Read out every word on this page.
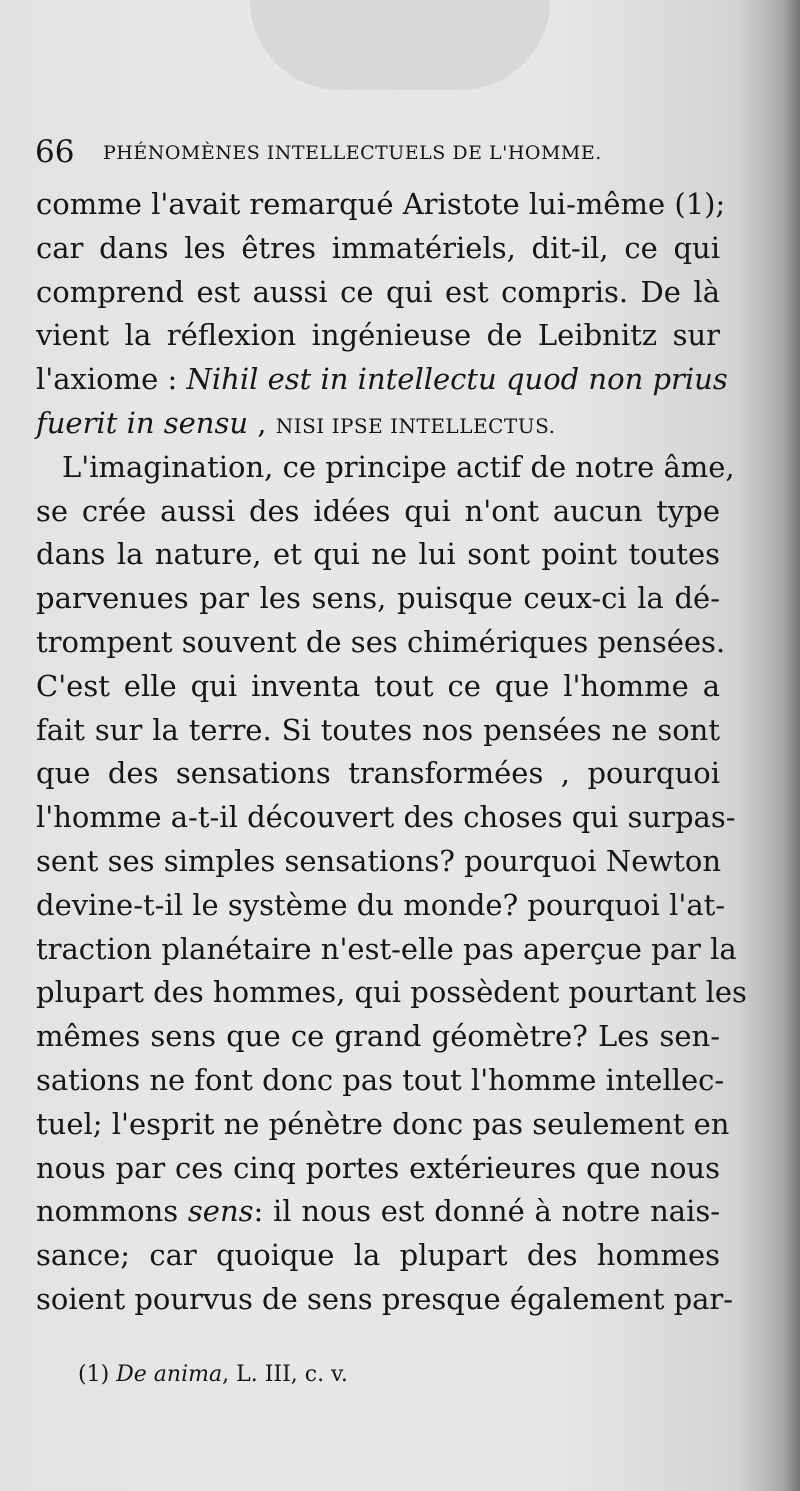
66 PHÉNOMÈNES INTELLECTUELS DE L'HOMME.
comme l'avait remarqué Aristote lui-même (1);
car dans les êtres immatériels, dit-il, ce qui
comprend est aussi ce qui est compris. De là
vient la réflexion ingénieuse de Leibnitz sur
l'axiome : Nihil est in intellectu quod non prius
fuerit in sensu , NISI IPSE INTELLECTUS.
L'imagination, ce principe actif de notre âme,
se crée aussi des idées qui n'ont aucun type
dans la nature, et qui ne lui sont point toutes
parvenues par les sens, puisque ceux-ci la dé-
trompent souvent de ses chimériques pensées.
C'est elle qui inventa tout ce que l'homme a
fait sur la terre. Si toutes nos pensées ne sont
que des sensations transformées , pourquoi
l'homme a-t-il découvert des choses qui surpas-
sent ses simples sensations? pourquoi Newton
devine-t-il le système du monde? pourquoi l'at-
traction planétaire n'est-elle pas aperçue par la
plupart des hommes, qui possèdent pourtant les
mêmes sens que ce grand géomètre? Les sen-
sations ne font donc pas tout l'homme intellec-
tuel; l'esprit ne pénètre donc pas seulement en
nous par ces cinq portes extérieures que nous
nommons sens: il nous est donné à notre nais-
sance; car quoique la plupart des hommes
soient pourvus de sens presque également par-
(1) De anima, L. III, c. v.
